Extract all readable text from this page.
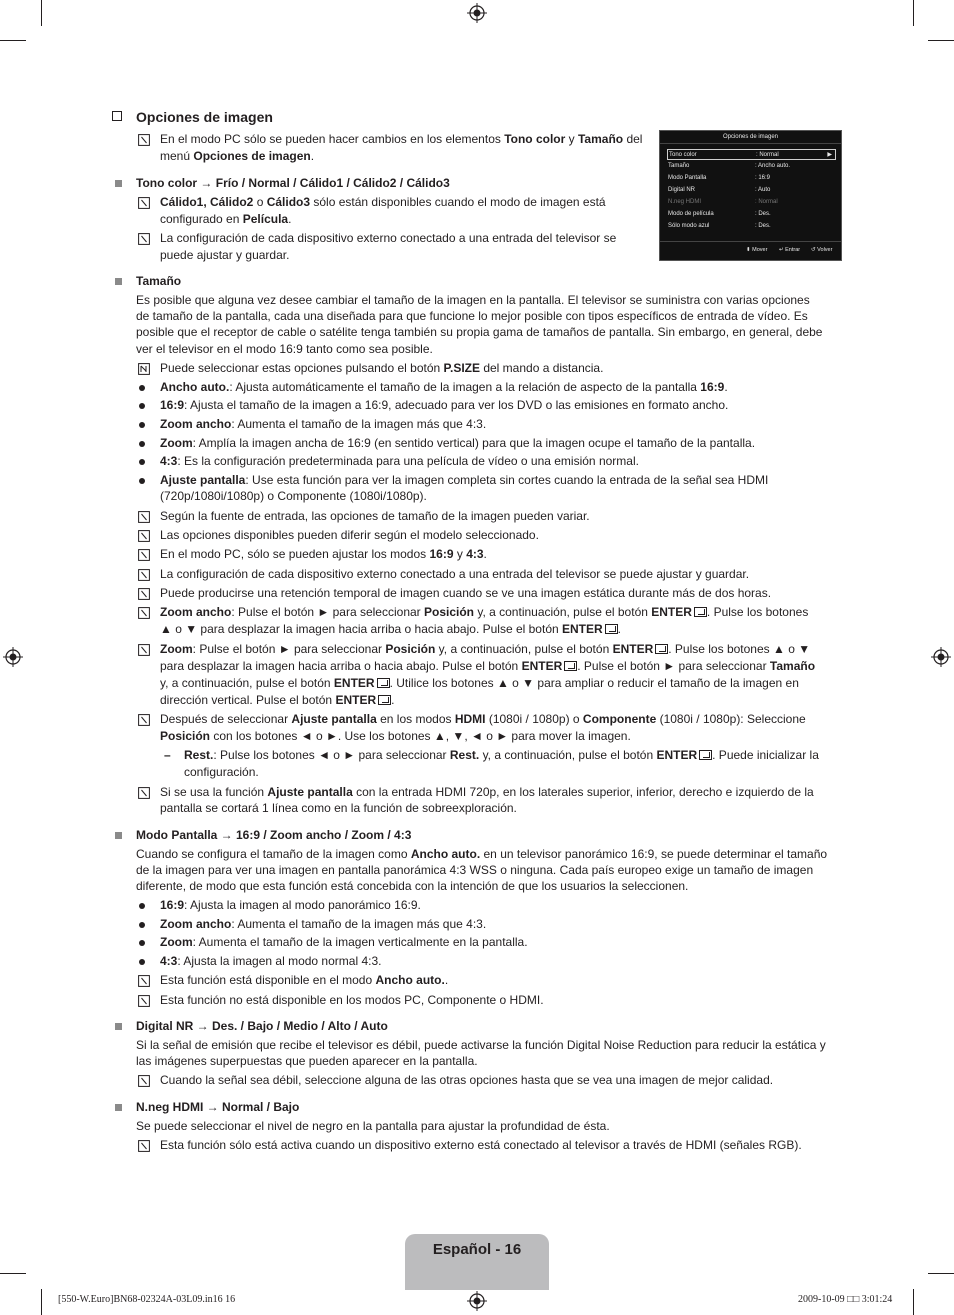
Opciones de imagen
En el modo PC sólo se pueden hacer cambios en los elementos Tono color y Tamaño del
menú Opciones de imagen.
Opciones de imagen
Tono color	: Normal	▶
Tamaño	: Ancho auto.
Modo Pantalla	: 16:9
Digital NR	: Auto
N.neg HDMI	: Normal
Modo de película	: Des.
Sólo modo azul	: Des.
⬍ Mover ↵ Entrar ↺ Volver
Tono color → Frío / Normal / Cálido1 / Cálido2 / Cálido3
Cálido1, Cálido2 o Cálido3 sólo están disponibles cuando el modo de imagen está
configurado en Película.
La configuración de cada dispositivo externo conectado a una entrada del televisor se
puede ajustar y guardar.
Tamaño
Es posible que alguna vez desee cambiar el tamaño de la imagen en la pantalla. El televisor se suministra con varias opciones
de tamaño de la pantalla, cada una diseñada para que funcione lo mejor posible con tipos específicos de entrada de vídeo. Es
posible que el receptor de cable o satélite tenga también su propia gama de tamaños de pantalla. Sin embargo, en general, debe
ver el televisor en el modo 16:9 tanto como sea posible.
Puede seleccionar estas opciones pulsando el botón P.SIZE del mando a distancia.
Ancho auto.: Ajusta automáticamente el tamaño de la imagen a la relación de aspecto de la pantalla 16:9.
16:9: Ajusta el tamaño de la imagen a 16:9, adecuado para ver los DVD o las emisiones en formato ancho.
Zoom ancho: Aumenta el tamaño de la imagen más que 4:3.
Zoom: Amplía la imagen ancha de 16:9 (en sentido vertical) para que la imagen ocupe el tamaño de la pantalla.
4:3: Es la configuración predeterminada para una película de vídeo o una emisión normal.
Ajuste pantalla: Use esta función para ver la imagen completa sin cortes cuando la entrada de la señal sea HDMI
(720p/1080i/1080p) o Componente (1080i/1080p).
Según la fuente de entrada, las opciones de tamaño de la imagen pueden variar.
Las opciones disponibles pueden diferir según el modelo seleccionado.
En el modo PC, sólo se pueden ajustar los modos 16:9 y 4:3.
La configuración de cada dispositivo externo conectado a una entrada del televisor se puede ajustar y guardar.
Puede producirse una retención temporal de imagen cuando se ve una imagen estática durante más de dos horas.
Zoom ancho: Pulse el botón ► para seleccionar Posición y, a continuación, pulse el botón ENTER . Pulse los botones
▲ o ▼ para desplazar la imagen hacia arriba o hacia abajo. Pulse el botón ENTER .
Zoom: Pulse el botón ► para seleccionar Posición y, a continuación, pulse el botón ENTER . Pulse los botones ▲ o ▼
para desplazar la imagen hacia arriba o hacia abajo. Pulse el botón ENTER . Pulse el botón ► para seleccionar Tamaño
y, a continuación, pulse el botón ENTER . Utilice los botones ▲ o ▼ para ampliar o reducir el tamaño de la imagen en
dirección vertical. Pulse el botón ENTER .
Después de seleccionar Ajuste pantalla en los modos HDMI (1080i / 1080p) o Componente (1080i / 1080p): Seleccione
Posición con los botones ◄ o ►. Use los botones ▲, ▼, ◄ o ► para mover la imagen.
– Rest.: Pulse los botones ◄ o ► para seleccionar Rest. y, a continuación, pulse el botón ENTER . Puede inicializar la
configuración.
Si se usa la función Ajuste pantalla con la entrada HDMI 720p, en los laterales superior, inferior, derecho e izquierdo de la
pantalla se cortará 1 línea como en la función de sobreexploración.
Modo Pantalla → 16:9 / Zoom ancho / Zoom / 4:3
Cuando se configura el tamaño de la imagen como Ancho auto. en un televisor panorámico 16:9, se puede determinar el tamaño
de la imagen para ver una imagen en pantalla panorámica 4:3 WSS o ninguna. Cada país europeo exige un tamaño de imagen
diferente, de modo que esta función está concebida con la intención de que los usuarios la seleccionen.
16:9: Ajusta la imagen al modo panorámico 16:9.
Zoom ancho: Aumenta el tamaño de la imagen más que 4:3.
Zoom: Aumenta el tamaño de la imagen verticalmente en la pantalla.
4:3: Ajusta la imagen al modo normal 4:3.
Esta función está disponible en el modo Ancho auto..
Esta función no está disponible en los modos PC, Componente o HDMI.
Digital NR → Des. / Bajo / Medio / Alto / Auto
Si la señal de emisión que recibe el televisor es débil, puede activarse la función Digital Noise Reduction para reducir la estática y
las imágenes superpuestas que pueden aparecer en la pantalla.
Cuando la señal sea débil, seleccione alguna de las otras opciones hasta que se vea una imagen de mejor calidad.
N.neg HDMI → Normal / Bajo
Se puede seleccionar el nivel de negro en la pantalla para ajustar la profundidad de ésta.
Esta función sólo está activa cuando un dispositivo externo está conectado al televisor a través de HDMI (señales RGB).
Español - 16
[550-W.Euro]BN68-02324A-03L09.in16 16	2009-10-09 □□ 3:01:24
